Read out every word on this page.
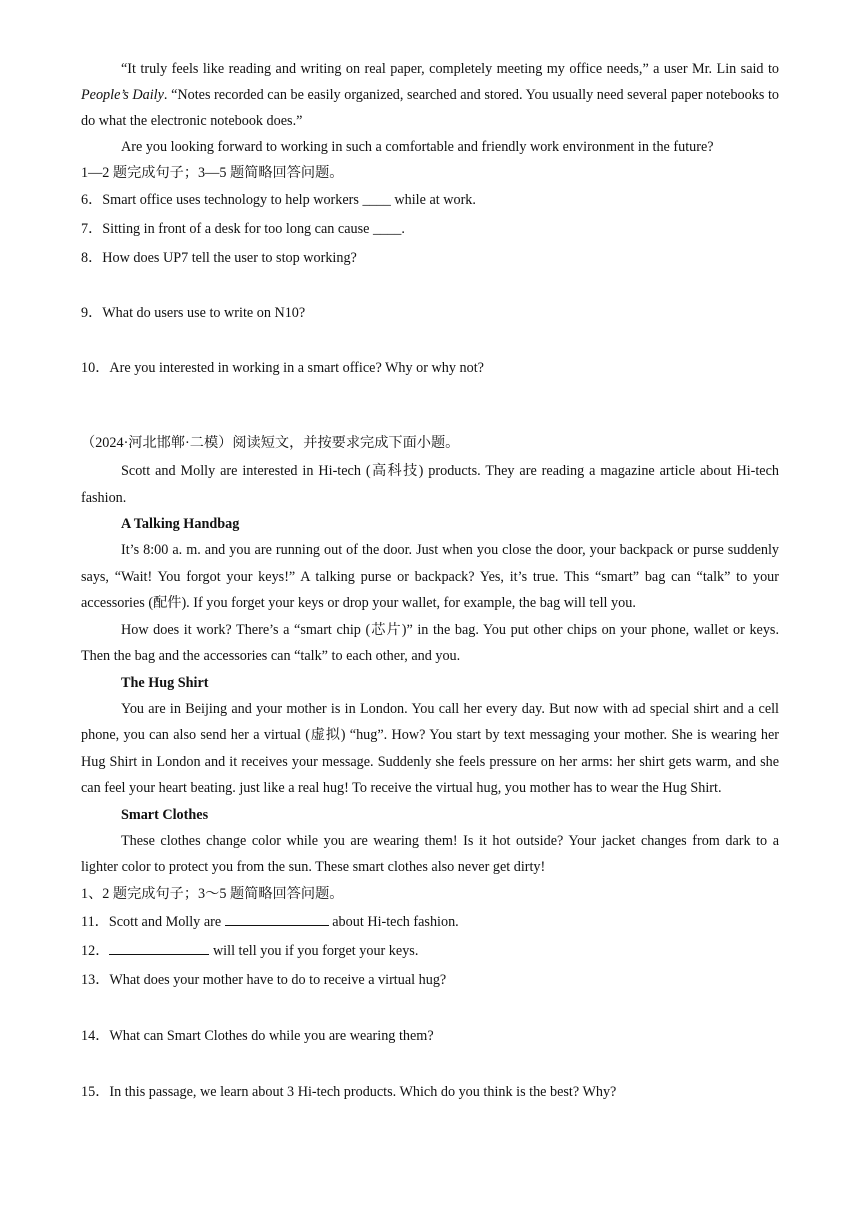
“It truly feels like reading and writing on real paper, completely meeting my office needs,” a user Mr. Lin said to People’s Daily. “Notes recorded can be easily organized, searched and stored. You usually need several paper notebooks to do what the electronic notebook does.”

Are you looking forward to working in such a comfortable and friendly work environment in the future?

1—2 题完成句子；3—5 题简略回答问题。

6．Smart office uses technology to help workers ____ while at work.

7．Sitting in front of a desk for too long can cause ____.

8．How does UP7 tell the user to stop working?

9．What do users use to write on N10?

10．Are you interested in working in a smart office? Why or why not?

（2024·河北邯郸·二模）阅读短文，并按要求完成下面小题。

Scott and Molly are interested in Hi-tech (高科技) products. They are reading a magazine article about Hi-tech fashion.

A Talking Handbag

It’s 8:00 a. m. and you are running out of the door. Just when you close the door, your backpack or purse suddenly says, “Wait! You forgot your keys!” A talking purse or backpack? Yes, it’s true. This “smart” bag can “talk” to your accessories (配件). If you forget your keys or drop your wallet, for example, the bag will tell you.

How does it work? There’s a “smart chip (芯片)” in the bag. You put other chips on your phone, wallet or keys. Then the bag and the accessories can “talk” to each other, and you.

The Hug Shirt

You are in Beijing and your mother is in London. You call her every day. But now with ad special shirt and a cell phone, you can also send her a virtual (虚拟) “hug”. How? You start by text messaging your mother. She is wearing her Hug Shirt in London and it receives your message. Suddenly she feels pressure on her arms: her shirt gets warm, and she can feel your heart beating. just like a real hug! To receive the virtual hug, you mother has to wear the Hug Shirt.

Smart Clothes

These clothes change color while you are wearing them! Is it hot outside? Your jacket changes from dark to a lighter color to protect you from the sun. These smart clothes also never get dirty!

1、2 题完成句子；3～5 题简略回答问题。

11．Scott and Molly are	about Hi-tech fashion.

12．	will tell you if you forget your keys.

13．What does your mother have to do to receive a virtual hug?

14．What can Smart Clothes do while you are wearing them?

15．In this passage, we learn about 3 Hi-tech products. Which do you think is the best? Why?
